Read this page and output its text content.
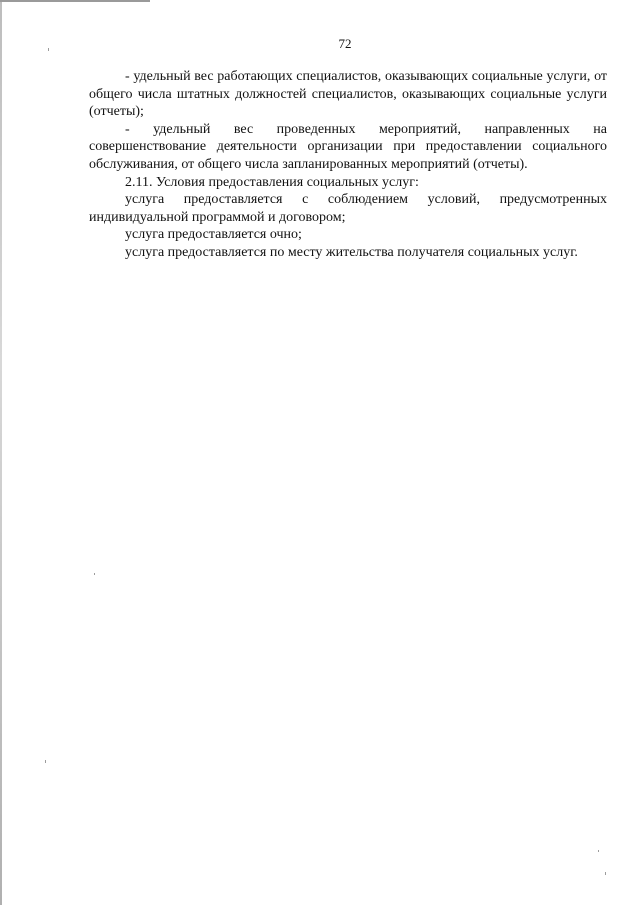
72

- удельный вес работающих специалистов, оказывающих социальные услуги, от общего числа штатных должностей специалистов, оказывающих социальные услуги (отчеты);

- удельный вес проведенных мероприятий, направленных на совершенствование деятельности организации при предоставлении социального обслуживания, от общего числа запланированных мероприятий (отчеты).

2.11. Условия предоставления социальных услуг:

услуга предоставляется с соблюдением условий, предусмотренных индивидуальной программой и договором;

услуга предоставляется очно;

услуга предоставляется по месту жительства получателя социальных услуг.
